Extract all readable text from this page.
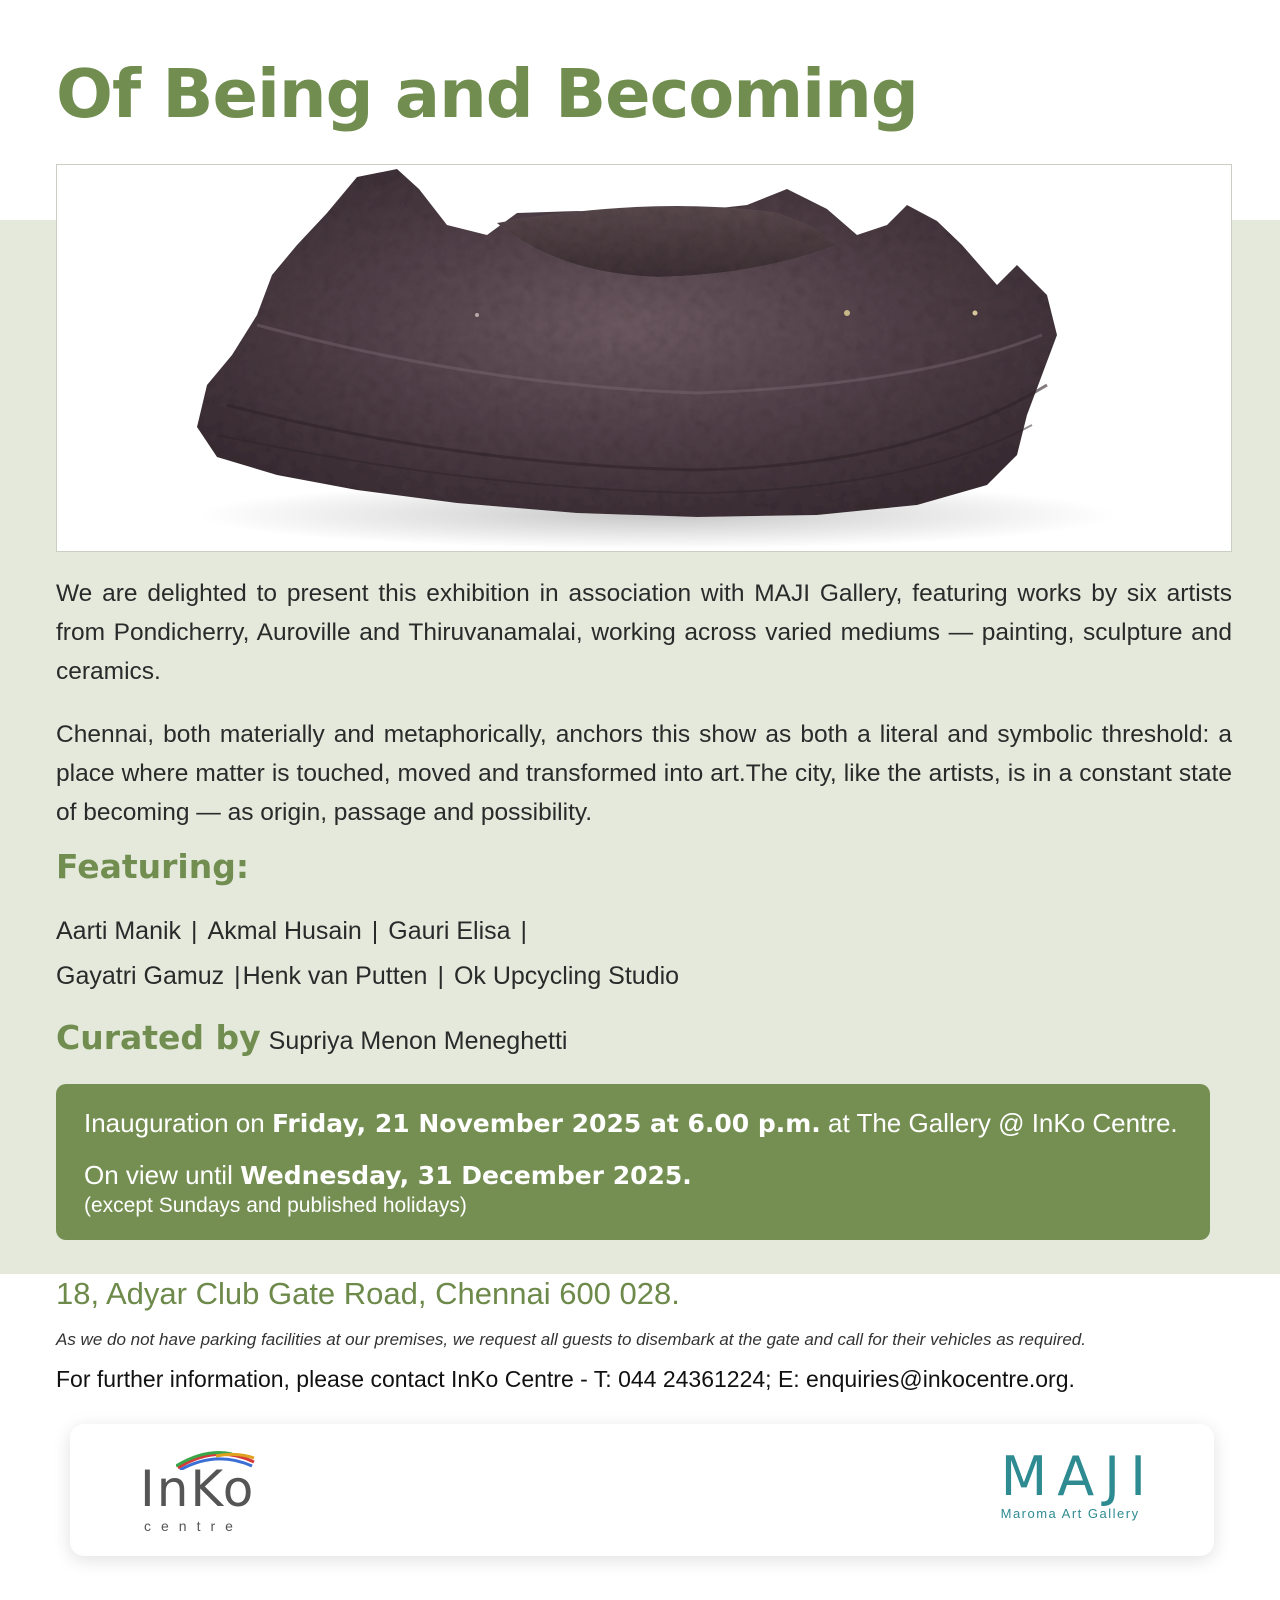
Of Being and Becoming

We are delighted to present this exhibition in association with MAJI Gallery, featuring works by six artists from Pondicherry, Auroville and Thiruvanamalai, working across varied mediums — painting, sculpture and ceramics.

Chennai, both materially and metaphorically, anchors this show as both a literal and symbolic threshold: a place where matter is touched, moved and transformed into art.The city, like the artists, is in a constant state of becoming — as origin, passage and possibility.

Featuring:

Aarti Manik | Akmal Husain | Gauri Elisa |

Gayatri Gamuz |Henk van Putten | Ok Upcycling Studio

Curated by Supriya Menon Meneghetti
Inauguration on Friday, 21 November 2025 at 6.00 p.m. at The Gallery @ InKo Centre.
On view until Wednesday, 31 December 2025.
(except Sundays and published holidays)

18, Adyar Club Gate Road, Chennai 600 028.

As we do not have parking facilities at our premises, we request all guests to disembark at the gate and call for their vehicles as required.

For further information, please contact InKo Centre - T: 044 24361224; E: enquiries@inkocentre.org.

InKo
centre
MAJI
Maroma Art Gallery
